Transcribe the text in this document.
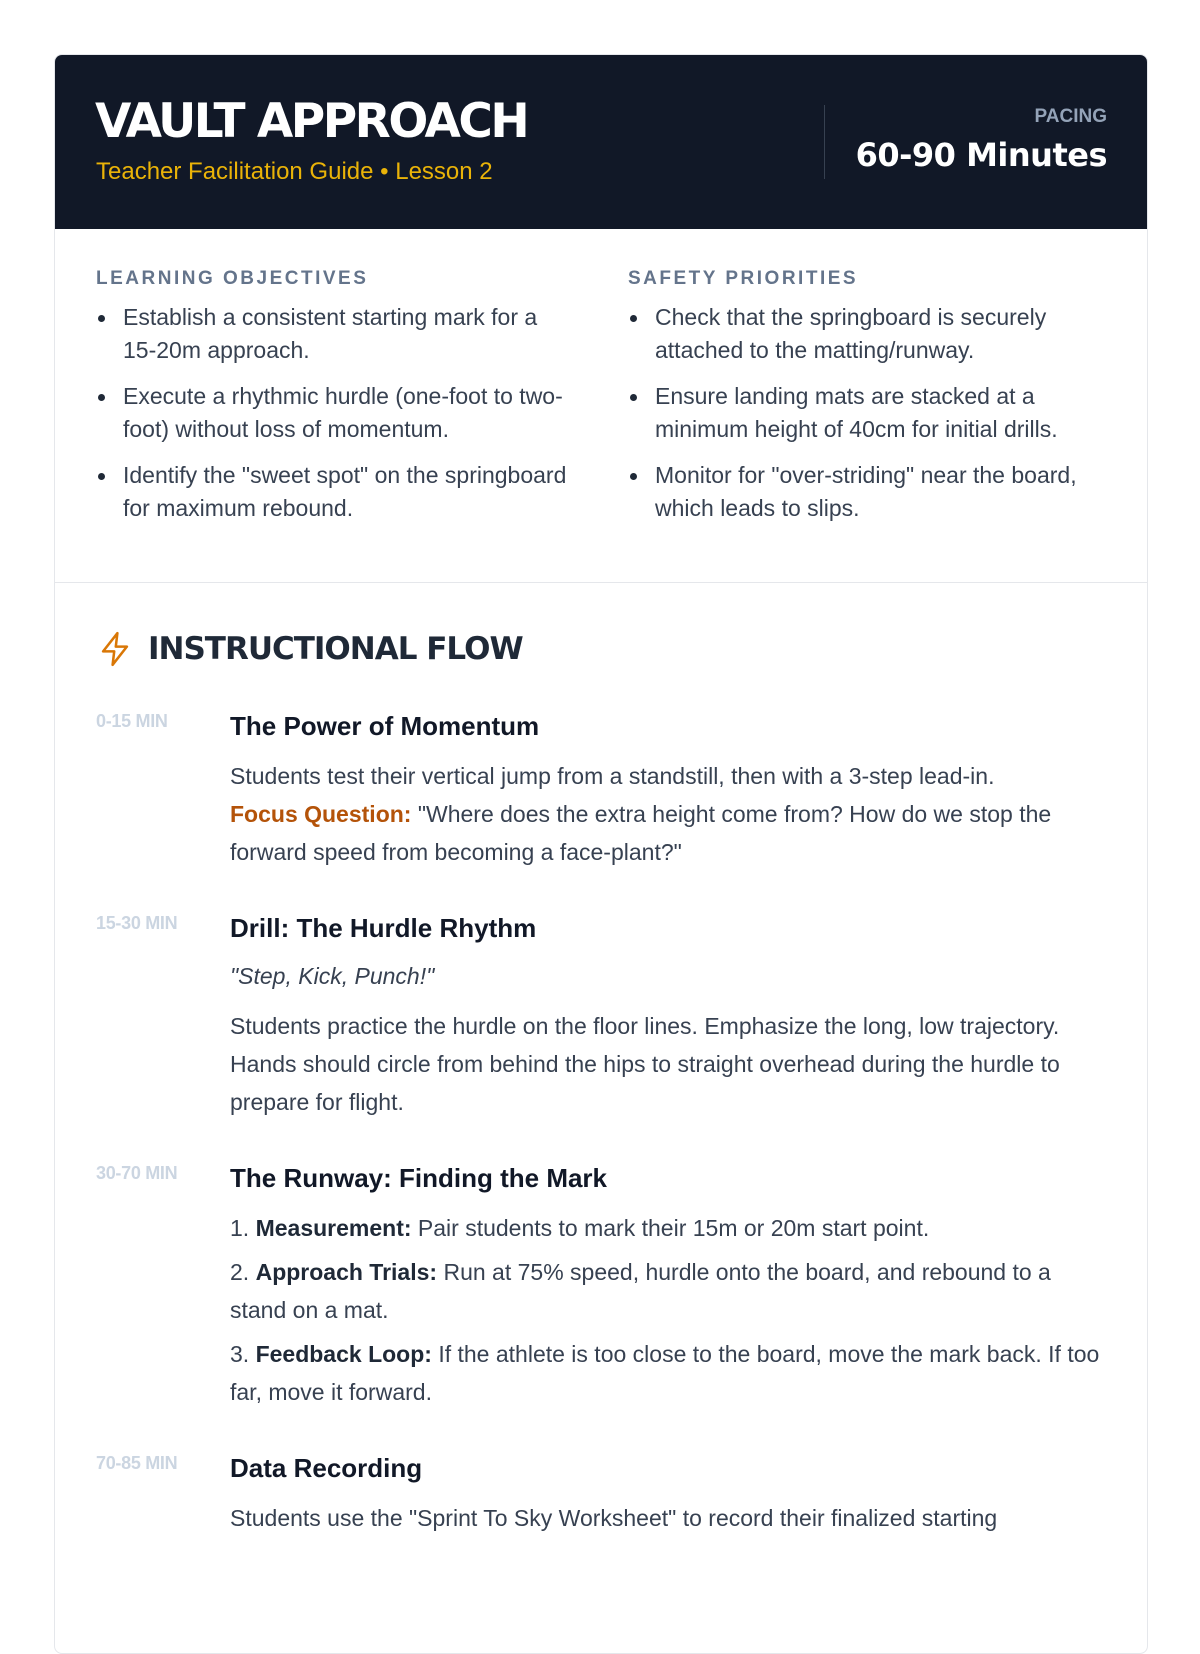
VAULT APPROACH
Teacher Facilitation Guide • Lesson 2
PACING
60-90 Minutes
LEARNING OBJECTIVES
Establish a consistent starting mark for a 15-20m approach.
Execute a rhythmic hurdle (one-foot to two-foot) without loss of momentum.
Identify the "sweet spot" on the springboard for maximum rebound.
SAFETY PRIORITIES
Check that the springboard is securely attached to the matting/runway.
Ensure landing mats are stacked at a minimum height of 40cm for initial drills.
Monitor for "over-striding" near the board, which leads to slips.
INSTRUCTIONAL FLOW
0-15 MIN The Power of Momentum
Students test their vertical jump from a standstill, then with a 3-step lead-in.
Focus Question: "Where does the extra height come from? How do we stop the forward speed from becoming a face-plant?"
15-30 MIN Drill: The Hurdle Rhythm
"Step, Kick, Punch!"
Students practice the hurdle on the floor lines. Emphasize the long, low trajectory. Hands should circle from behind the hips to straight overhead during the hurdle to prepare for flight.
30-70 MIN The Runway: Finding the Mark
1. Measurement: Pair students to mark their 15m or 20m start point.
2. Approach Trials: Run at 75% speed, hurdle onto the board, and rebound to a stand on a mat.
3. Feedback Loop: If the athlete is too close to the board, move the mark back. If too far, move it forward.
70-85 MIN Data Recording
Students use the "Sprint To Sky Worksheet" to record their finalized starting
